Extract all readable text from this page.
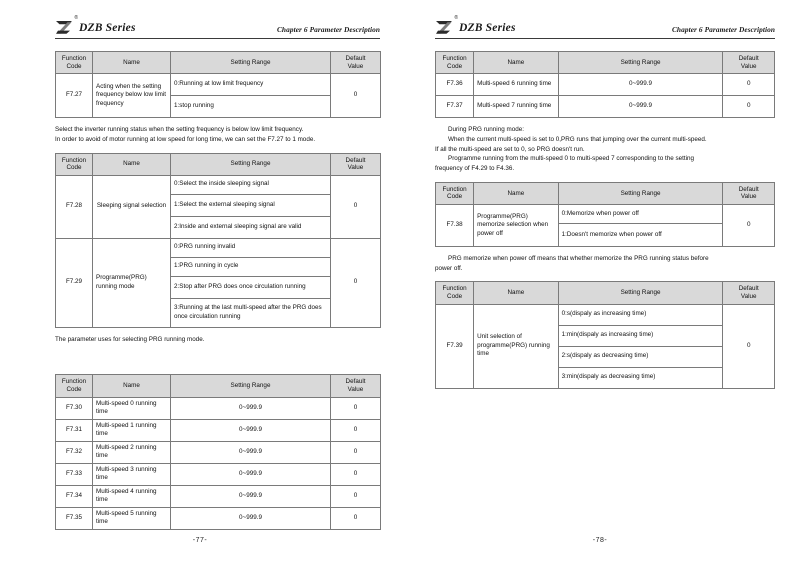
®
DZB Series	Chapter 6 Parameter Description
Function
Code	Name	Setting Range	Default
Value
F7.27	Acting when the setting frequency below low limit frequency	0:Running at low limit frequency	0
		1:stop running	

Select the inverter running status when the setting frequency is below low limit frequency.
In order to avoid of motor running at low speed for long time, we can set the F7.27 to 1 mode.

Function
Code	Name	Setting Range	Default
Value
F7.28	Sleeping signal selection	0:Select the inside sleeping signal	0
		1:Select the external sleeping signal	
		2:Inside and external sleeping signal are valid	
F7.29	Programme(PRG) running mode	0:PRG running invalid	0
		1:PRG running in cycle	
		2:Stop after PRG does once circulation running	
		3:Running at the last multi-speed after the PRG does once circulation running	

The parameter uses for selecting PRG running mode.

Function
Code	Name	Setting Range	Default
Value
F7.30	Multi-speed 0 running time	0~999.9	0
F7.31	Multi-speed 1 running time	0~999.9	0
F7.32	Multi-speed 2 running time	0~999.9	0
F7.33	Multi-speed 3 running time	0~999.9	0
F7.34	Multi-speed 4 running time	0~999.9	0
F7.35	Multi-speed 5 running time	0~999.9	0
-77-
®
DZB Series	Chapter 6 Parameter Description
Function
Code	Name	Setting Range	Default
Value
F7.36	Multi-speed 6 running time	0~999.9	0
F7.37	Multi-speed 7 running time	0~999.9	0

During PRG running mode:
When the current multi-speed is set to 0,PRG runs that jumping over the current multi-speed.
If all the multi-speed are set to 0, so PRG doesn't run.
Programme running from the multi-speed 0 to multi-speed 7 corresponding to the setting
frequency of F4.29 to F4.36.

Function
Code	Name	Setting Range	Default
Value
F7.38	Programme(PRG) memorize selection when power off	0:Memorize when power off	0
		1:Doesn't memorize when power off	

PRG memorize when power off means that whether memorize the PRG running status before
power off.

Function
Code	Name	Setting Range	Default
Value
F7.39	Unit selection of programme(PRG) running time	0:s(dispaly as increasing time)	0
		1:min(dispaly as increasing time)	
		2:s(dispaly as decreasing time)	
		3:min(dispaly as decreasing time)	
-78-
